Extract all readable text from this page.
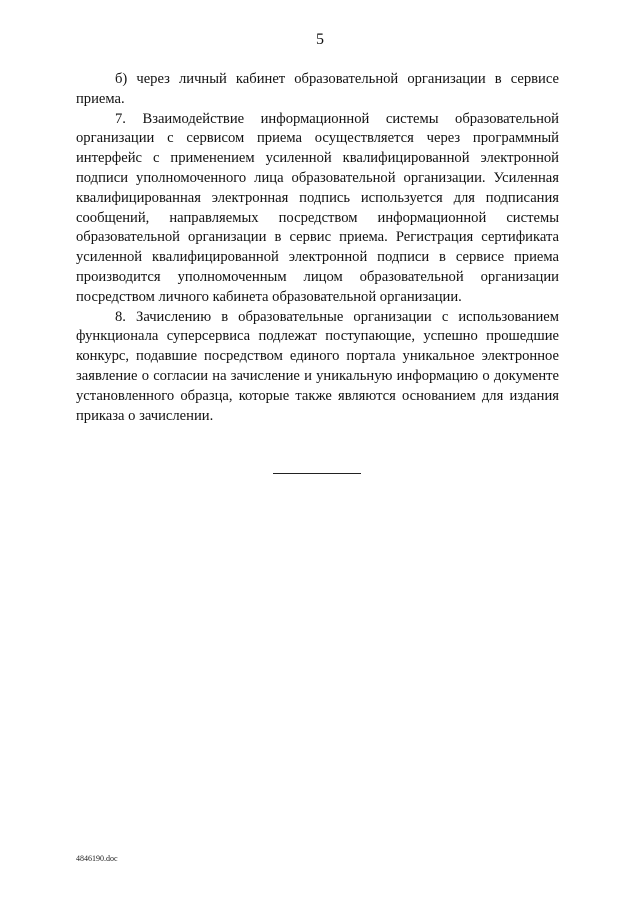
5

б) через личный кабинет образовательной организации в сервисе приема.

7. Взаимодействие информационной системы образовательной организации с сервисом приема осуществляется через программный интерфейс с применением усиленной квалифицированной электронной подписи уполномоченного лица образовательной организации. Усиленная квалифицированная электронная подпись используется для подписания сообщений, направляемых посредством информационной системы образовательной организации в сервис приема. Регистрация сертификата усиленной квалифицированной электронной подписи в сервисе приема производится уполномоченным лицом образовательной организации посредством личного кабинета образовательной организации.

8. Зачислению в образовательные организации с использованием функционала суперсервиса подлежат поступающие, успешно прошедшие конкурс, подавшие посредством единого портала уникальное электронное заявление о согласии на зачисление и уникальную информацию о документе установленного образца, которые также являются основанием для издания приказа о зачислении.

4846190.doc
